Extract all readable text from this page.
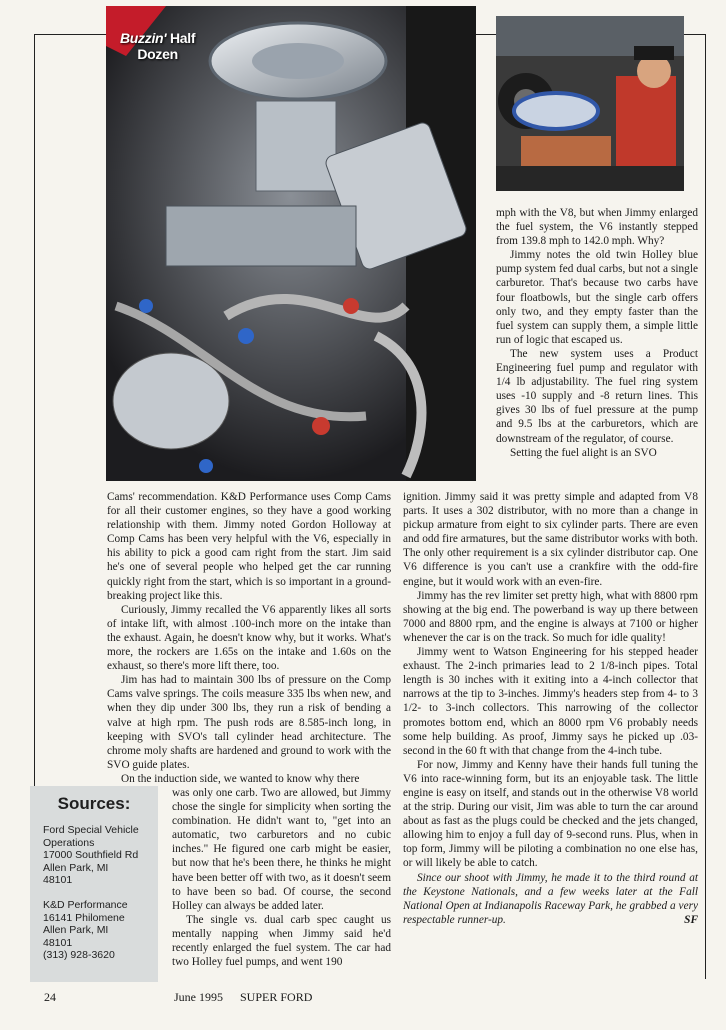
Buzzin' Half
Dozen

mph with the V8, but when Jimmy enlarged the fuel system, the V6 instantly stepped from 139.8 mph to 142.0 mph. Why?

Jimmy notes the old twin Holley blue pump system fed dual carbs, but not a single carburetor. That's because two carbs have four floatbowls, but the single carb offers only two, and they empty faster than the fuel system can supply them, a simple little run of logic that escaped us.

The new system uses a Product Engineering fuel pump and regulator with 1/4 lb adjustability. The fuel ring system uses -10 supply and -8 return lines. This gives 30 lbs of fuel pressure at the pump and 9.5 lbs at the carburetors, which are downstream of the regulator, of course.

Setting the fuel alight is an SVO

Cams' recommendation. K&D Performance uses Comp Cams for all their customer engines, so they have a good working relationship with them. Jimmy noted Gordon Holloway at Comp Cams has been very helpful with the V6, especially in his ability to pick a good cam right from the start. Jim said he's one of several people who helped get the car running quickly right from the start, which is so important in a ground-breaking project like this.

Curiously, Jimmy recalled the V6 apparently likes all sorts of intake lift, with almost .100-inch more on the intake than the exhaust. Again, he doesn't know why, but it works. What's more, the rockers are 1.65s on the intake and 1.60s on the exhaust, so there's more lift there, too.

Jim has had to maintain 300 lbs of pressure on the Comp Cams valve springs. The coils measure 335 lbs when new, and when they dip under 300 lbs, they run a risk of bending a valve at high rpm. The push rods are 8.585-inch long, in keeping with SVO's tall cylinder head architecture. The chrome moly shafts are hardened and ground to work with the SVO guide plates.

On the induction side, we wanted to know why there

was only one carb. Two are allowed, but Jimmy chose the single for simplicity when sorting the combination. He didn't want to, "get into an automatic, two carburetors and no cubic inches." He figured one carb might be easier, but now that he's been there, he thinks he might have been better off with two, as it doesn't seem to have been so bad. Of course, the second Holley can always be added later.

The single vs. dual carb spec caught us mentally napping when Jimmy said he'd recently enlarged the fuel system. The car had two Holley fuel pumps, and went 190

ignition. Jimmy said it was pretty simple and adapted from V8 parts. It uses a 302 distributor, with no more than a change in pickup armature from eight to six cylinder parts. There are even and odd fire armatures, but the same distributor works with both. The only other requirement is a six cylinder distributor cap. One V6 difference is you can't use a crankfire with the odd-fire engine, but it would work with an even-fire.

Jimmy has the rev limiter set pretty high, what with 8800 rpm showing at the big end. The powerband is way up there between 7000 and 8800 rpm, and the engine is always at 7100 or higher whenever the car is on the track. So much for idle quality!

Jimmy went to Watson Engineering for his stepped header exhaust. The 2-inch primaries lead to 2 1/8-inch pipes. Total length is 30 inches with it exiting into a 4-inch collector that narrows at the tip to 3-inches. Jimmy's headers step from 4- to 3 1/2- to 3-inch collectors. This narrowing of the collector promotes bottom end, which an 8000 rpm V6 probably needs some help building. As proof, Jimmy says he picked up .03-second in the 60 ft with that change from the 4-inch tube.

For now, Jimmy and Kenny have their hands full tuning the V6 into race-winning form, but its an enjoyable task. The little engine is easy on itself, and stands out in the otherwise V8 world at the strip. During our visit, Jim was able to turn the car around about as fast as the plugs could be checked and the jets changed, allowing him to enjoy a full day of 9-second runs. Plus, when in top form, Jimmy will be piloting a combination no one else has, or will likely be able to catch.

Since our shoot with Jimmy, he made it to the third round at the Keystone Nationals, and a few weeks later at the Fall National Open at Indianapolis Raceway Park, he grabbed a very respectable runner-up.	SF

Sources:
Ford Special Vehicle
Operations
17000 Southfield Rd
Allen Park, MI
48101
K&D Performance
16141 Philomene
Allen Park, MI
48101
(313) 928-3620
24	June 1995 SUPER FORD
